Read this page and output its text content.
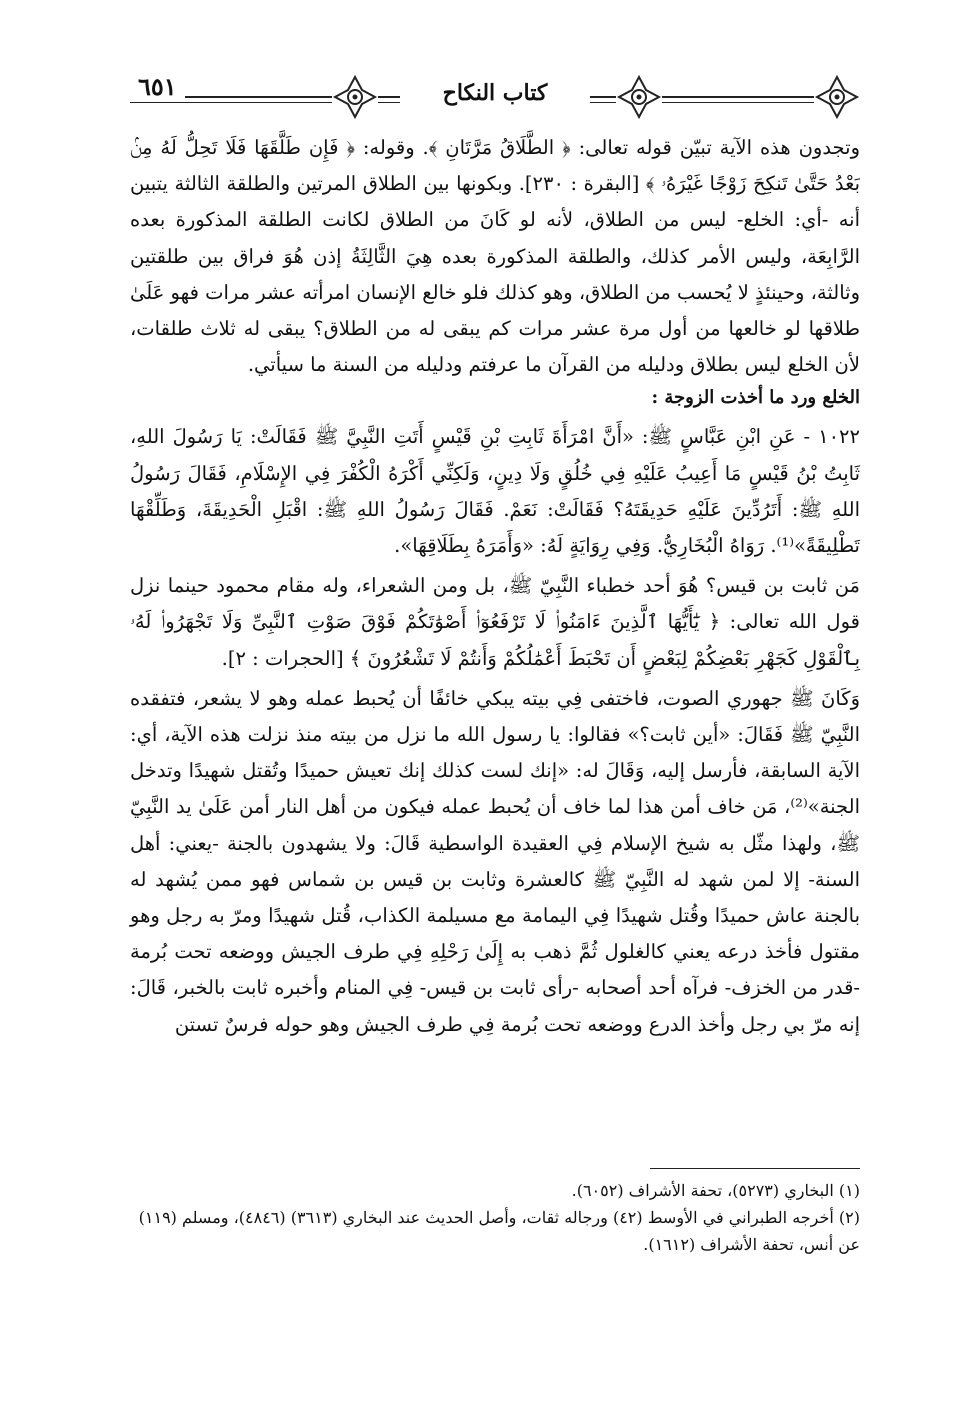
٦٥١	كتاب النكاح

وتجدون هذه الآية تبيّن قوله تعالى: ﴿ الطَّلَاقُ مَرَّتَانِ ﴾. وقوله: ﴿ فَإِن طَلَّقَهَا فَلَا تَحِلُّ لَهُ مِنۢ بَعْدُ حَتَّىٰ تَنكِحَ زَوْجًا غَيْرَهُۥ ﴾ [البقرة : ٢٣٠]. وبكونها بين الطلاق المرتين والطلقة الثالثة يتبين أنه -أي: الخلع- ليس من الطلاق، لأنه لو كَانَ من الطلاق لكانت الطلقة المذكورة بعده الرَّابِعَة، وليس الأمر كذلك، والطلقة المذكورة بعده هِيَ الثَّالِثَةُ إذن هُوَ فراق بين طلقتين وثالثة، وحينئذٍ لا يُحسب من الطلاق، وهو كذلك فلو خالع الإنسان امرأته عشر مرات فهو عَلَىٰ طلاقها لو خالعها من أول مرة عشر مرات كم يبقى له من الطلاق؟ يبقى له ثلاث طلقات، لأن الخلع ليس بطلاق ودليله من القرآن ما عرفتم ودليله من السنة ما سيأتي.

الخلع ورد ما أخذت الزوجة :

١٠٢٢ - عَنِ ابْنِ عَبَّاسٍ ﷺ: «أَنَّ امْرَأَةَ ثَابِتِ بْنِ قَيْسٍ أَتَتِ النَّبِيَّ ﷺ فَقَالَتْ: يَا رَسُولَ اللهِ، ثَابِتُ بْنُ قَيْسٍ مَا أَعِيبُ عَلَيْهِ فِي خُلُقٍ وَلَا دِينٍ، وَلَكِنِّي أَكْرَهُ الْكُفْرَ فِي الإِسْلَامِ، فَقَالَ رَسُولُ اللهِ ﷺ: أَتَرُدِّينَ عَلَيْهِ حَدِيقَتَهُ؟ فَقَالَتْ: نَعَمْ. فَقَالَ رَسُولُ اللهِ ﷺ: اقْبَلِ الْحَدِيقَةَ، وَطَلِّقْهَا تَطْلِيقَةً»⁽¹⁾. رَوَاهُ الْبُخَارِيُّ. وَفِي رِوَايَةٍ لَهُ: «وَأَمَرَهُ بِطَلَاقِهَا».

مَن ثابت بن قيس؟ هُوَ أحد خطباء النَّبِيّ ﷺ، بل ومن الشعراء، وله مقام محمود حينما نزل قول الله تعالى: ﴿ يَٰٓأَيُّهَا ٱلَّذِينَ ءَامَنُوا۟ لَا تَرْفَعُوٓا۟ أَصْوَٰتَكُمْ فَوْقَ صَوْتِ ٱلنَّبِىِّ وَلَا تَجْهَرُوا۟ لَهُۥ بِٱلْقَوْلِ كَجَهْرِ بَعْضِكُمْ لِبَعْضٍ أَن تَحْبَطَ أَعْمَٰلُكُمْ وَأَنتُمْ لَا تَشْعُرُونَ ﴾ [الحجرات : ٢].

وَكَانَ ﷺ جهوري الصوت، فاختفى فِي بيته يبكي خائفًا أن يُحبط عمله وهو لا يشعر، فتفقده النَّبِيّ ﷺ فَقَالَ: «أين ثابت؟» فقالوا: يا رسول الله ما نزل من بيته منذ نزلت هذه الآية، أي: الآية السابقة، فأرسل إليه، وَقَالَ له: «إنك لست كذلك إنك تعيش حميدًا وتُقتل شهيدًا وتدخل الجنة»⁽²⁾، مَن خاف أمن هذا لما خاف أن يُحبط عمله فيكون من أهل النار أمن عَلَىٰ يد النَّبِيّ ﷺ، ولهذا مثّل به شيخ الإسلام فِي العقيدة الواسطية قَالَ: ولا يشهدون بالجنة -يعني: أهل السنة- إلا لمن شهد له النَّبِيّ ﷺ كالعشرة وثابت بن قيس بن شماس فهو ممن يُشهد له بالجنة عاش حميدًا وقُتل شهيدًا فِي اليمامة مع مسيلمة الكذاب، قُتل شهيدًا ومرّ به رجل وهو مقتول فأخذ درعه يعني كالغلول ثُمَّ ذهب به إِلَىٰ رَحْلِهِ فِي طرف الجيش ووضعه تحت بُرمة -قدر من الخزف- فرآه أحد أصحابه -رأى ثابت بن قيس- فِي المنام وأخبره ثابت بالخبر، قَالَ: إنه مرّ بي رجل وأخذ الدرع ووضعه تحت بُرمة فِي طرف الجيش وهو حوله فرسٌ تستن

(١) البخاري (٥٢٧٣)، تحفة الأشراف (٦٠٥٢).

(٢) أخرجه الطبراني في الأوسط (٤٢) ورجاله ثقات، وأصل الحديث عند البخاري (٣٦١٣) (٤٨٤٦)، ومسلم (١١٩) عن أنس، تحفة الأشراف (١٦١٢).
